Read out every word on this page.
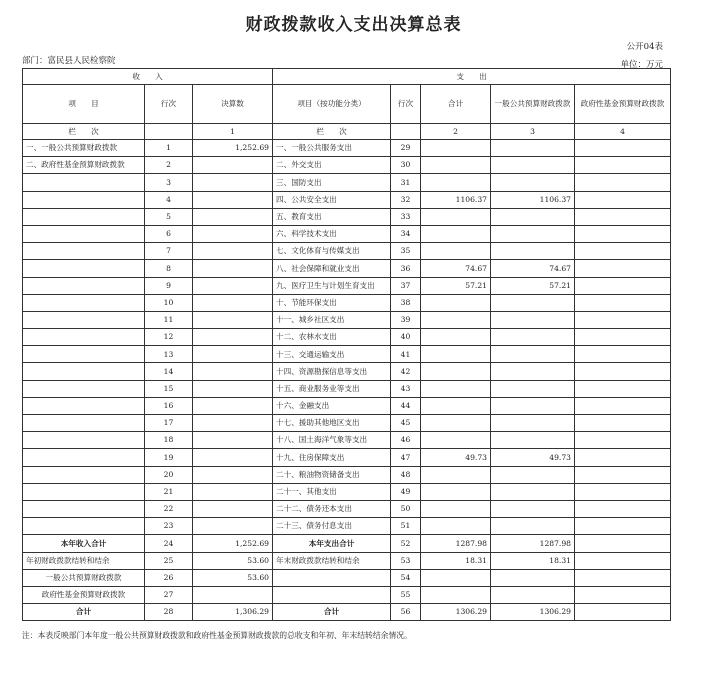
财政拨款收入支出决算总表
公开04表
部门：富民县人民检察院	单位：万元
收　　入			支　　出				
项　　目	行次	决算数	项目（按功能分类）	行次	合计	一般公共预算财政拨款	政府性基金预算财政拨款
栏　　次		1	栏　　次		2	3	4
一、一般公共预算财政拨款	1	1,252.69	一、一般公共服务支出	29			
二、政府性基金预算财政拨款	2		二、外交支出	30			
	3		三、国防支出	31			
	4		四、公共安全支出	32	1106.37	1106.37	
	5		五、教育支出	33			
	6		六、科学技术支出	34			
	7		七、文化体育与传媒支出	35			
	8		八、社会保障和就业支出	36	74.67	74.67	
	9		九、医疗卫生与计划生育支出	37	57.21	57.21	
	10		十、节能环保支出	38			
	11		十一、城乡社区支出	39			
	12		十二、农林水支出	40			
	13		十三、交通运输支出	41			
	14		十四、资源勘探信息等支出	42			
	15		十五、商业服务业等支出	43			
	16		十六、金融支出	44			
	17		十七、援助其他地区支出	45			
	18		十八、国土海洋气象等支出	46			
	19		十九、住房保障支出	47	49.73	49.73	
	20		二十、粮油物资储备支出	48			
	21		二十一、其他支出	49			
	22		二十二、债务还本支出	50			
	23		二十三、债务付息支出	51			
本年收入合计	24	1,252.69	本年支出合计	52	1287.98	1287.98	
年初财政拨款结转和结余	25	53.60	年末财政拨款结转和结余	53	18.31	18.31	
一般公共预算财政拨款	26	53.60		54			
政府性基金预算财政拨款	27			55			
合计	28	1,306.29	合计	56	1306.29	1306.29	
注：本表反映部门本年度一般公共预算财政拨款和政府性基金预算财政拨款的总收支和年初、年末结转结余情况。
